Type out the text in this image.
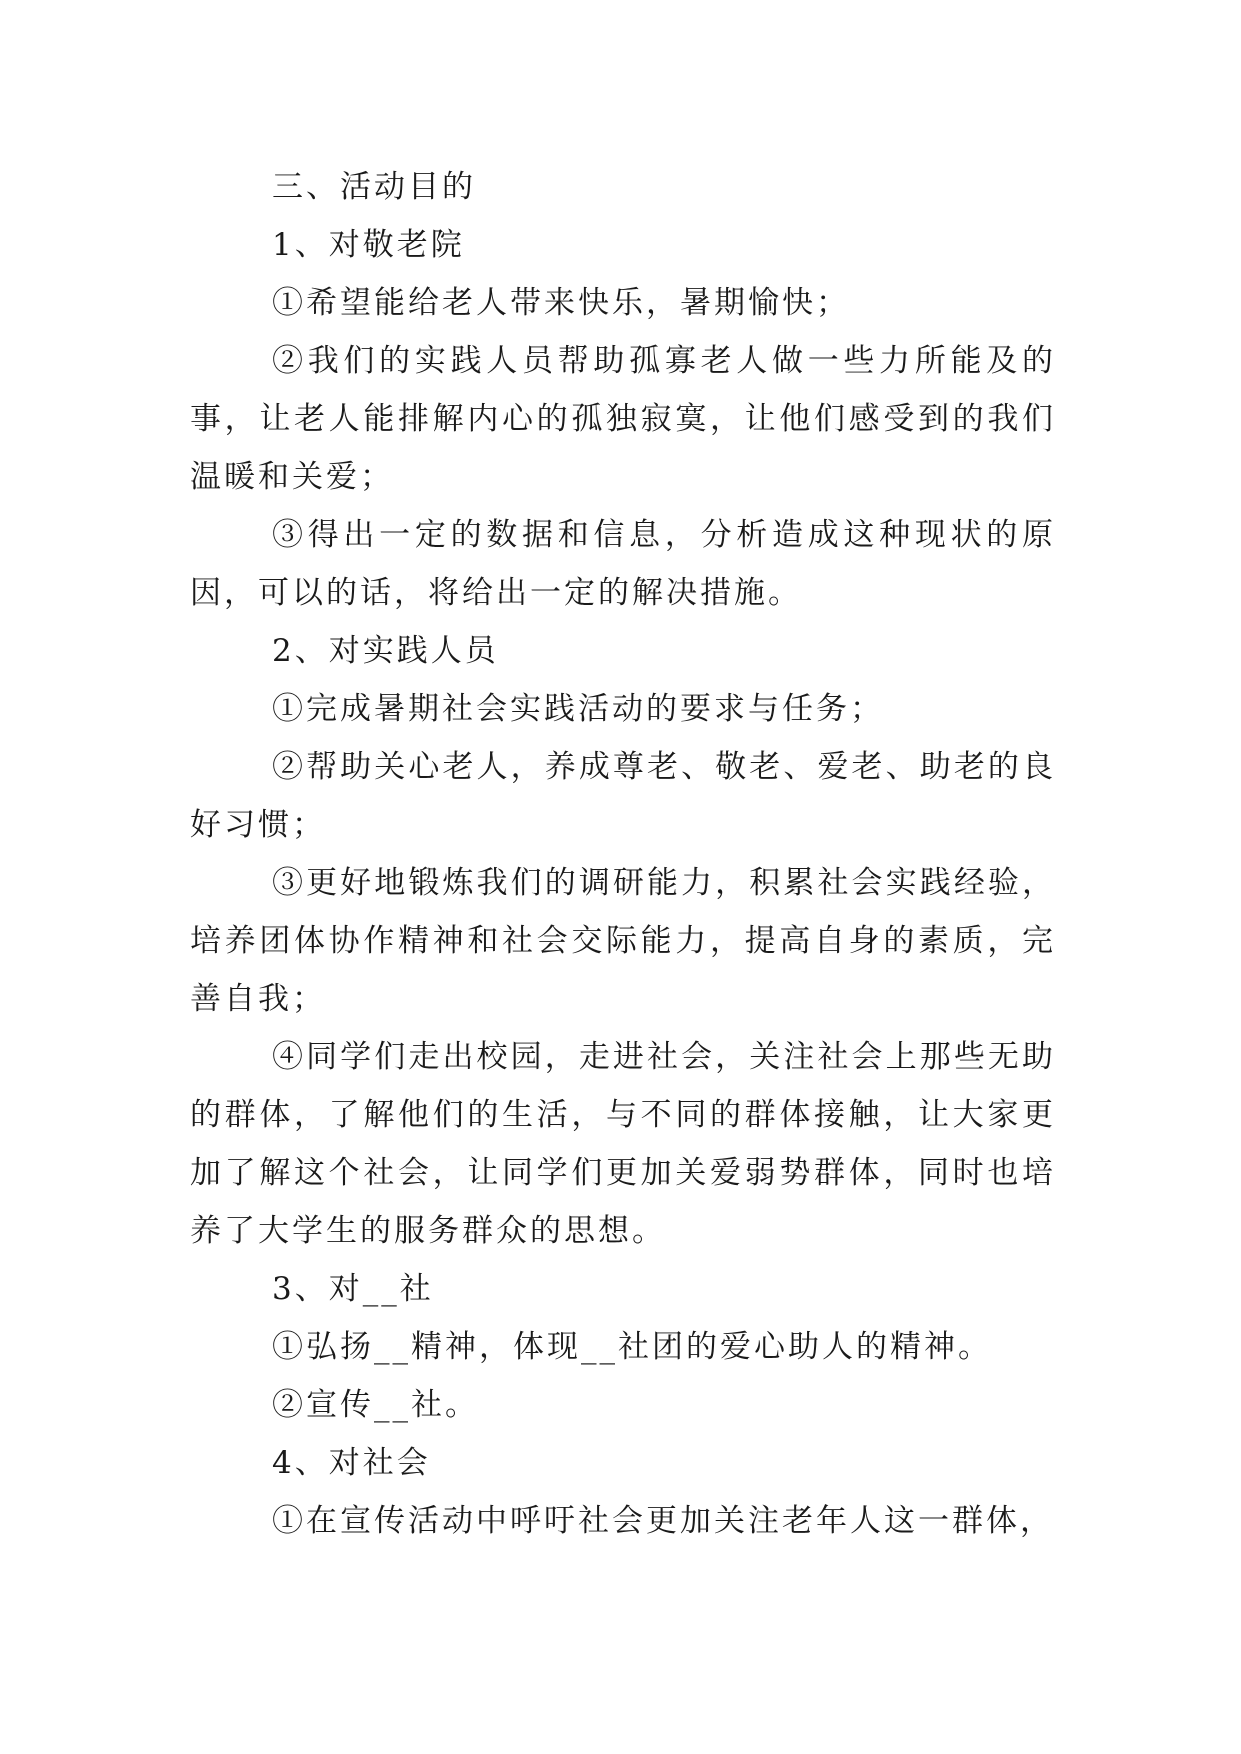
三、活动目的

1、对敬老院

①希望能给老人带来快乐，暑期愉快；

②我们的实践人员帮助孤寡老人做一些力所能及的事，让老人能排解内心的孤独寂寞，让他们感受到的我们温暖和关爱；

③得出一定的数据和信息，分析造成这种现状的原因，可以的话，将给出一定的解决措施。

2、对实践人员

①完成暑期社会实践活动的要求与任务；

②帮助关心老人，养成尊老、敬老、爱老、助老的良好习惯；

③更好地锻炼我们的调研能力，积累社会实践经验，培养团体协作精神和社会交际能力，提高自身的素质，完善自我；

④同学们走出校园，走进社会，关注社会上那些无助的群体，了解他们的生活，与不同的群体接触，让大家更加了解这个社会，让同学们更加关爱弱势群体，同时也培养了大学生的服务群众的思想。

3、对__社

①弘扬__精神，体现__社团的爱心助人的精神。

②宣传__社。

4、对社会

①在宣传活动中呼吁社会更加关注老年人这一群体，
